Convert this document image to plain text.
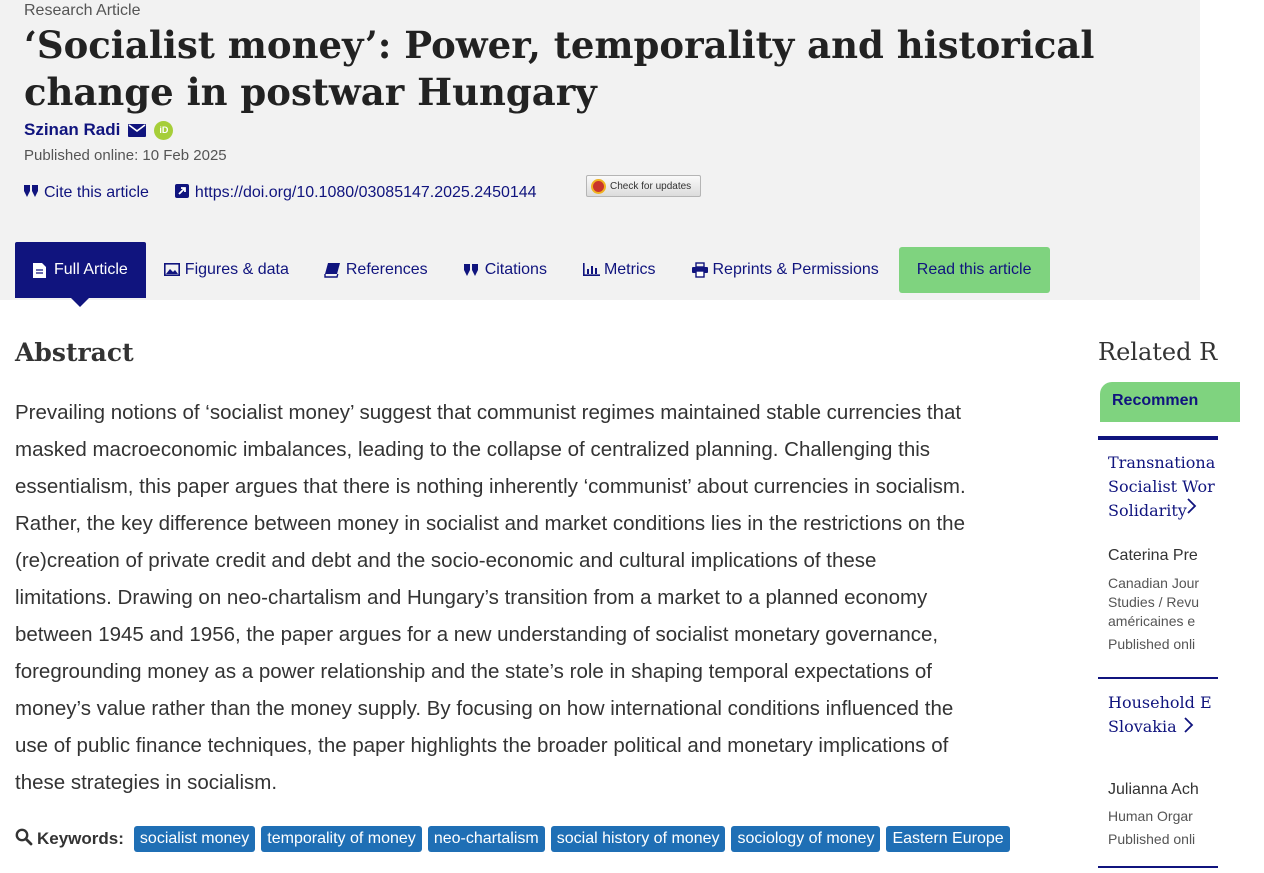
Research Article
‘Socialist money’: Power, temporality and historical change in postwar Hungary
Szinan Radi	iD
Published online: 10 Feb 2025
Cite this article	https://doi.org/10.1080/03085147.2025.2450144	Check for updates
Full Article	Figures & data	References	Citations	Metrics	Reprints & Permissions	Read this article
Abstract
Prevailing notions of ‘socialist money’ suggest that communist regimes maintained stable currencies that
masked macroeconomic imbalances, leading to the collapse of centralized planning. Challenging this
essentialism, this paper argues that there is nothing inherently ‘communist’ about currencies in socialism.
Rather, the key difference between money in socialist and market conditions lies in the restrictions on the
(re)creation of private credit and debt and the socio-economic and cultural implications of these
limitations. Drawing on neo-chartalism and Hungary’s transition from a market to a planned economy
between 1945 and 1956, the paper argues for a new understanding of socialist monetary governance,
foregrounding money as a power relationship and the state’s role in shaping temporal expectations of
money’s value rather than the money supply. By focusing on how international conditions influenced the
use of public finance techniques, the paper highlights the broader political and monetary implications of
these strategies in socialism.
Keywords:	socialist money	temporality of money	neo-chartalism	social history of money	sociology of money	Eastern Europe
Related R
Recommen
Transnationa
Socialist Wor
Solidarity
Caterina Pre
Canadian Jour
Studies / Revu
américaines e
Published onli
Household E
Slovakia
Julianna Ach
Human Orgar
Published onli
